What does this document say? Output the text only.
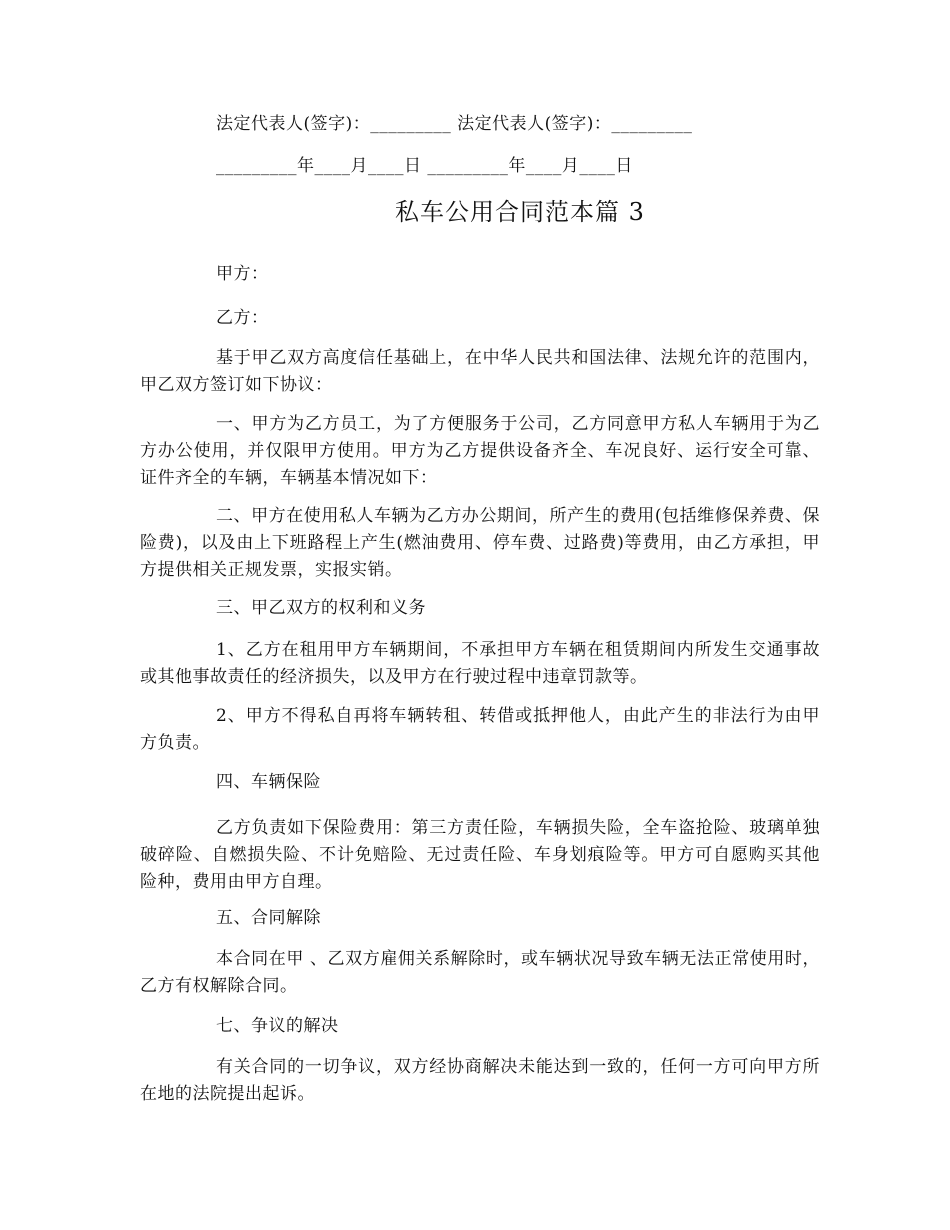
法定代表人(签字)：_________ 法定代表人(签字)：_________
_________年____月____日 _________年____月____日
私车公用合同范本篇 3
甲方：
乙方：
基于甲乙双方高度信任基础上，在中华人民共和国法律、法规允许的范围内，甲乙双方签订如下协议：
一、甲方为乙方员工，为了方便服务于公司，乙方同意甲方私人车辆用于为乙方办公使用，并仅限甲方使用。甲方为乙方提供设备齐全、车况良好、运行安全可靠、证件齐全的车辆，车辆基本情况如下：
二、甲方在使用私人车辆为乙方办公期间，所产生的费用(包括维修保养费、保险费)，以及由上下班路程上产生(燃油费用、停车费、过路费)等费用，由乙方承担，甲方提供相关正规发票，实报实销。
三、甲乙双方的权利和义务
1、乙方在租用甲方车辆期间，不承担甲方车辆在租赁期间内所发生交通事故或其他事故责任的经济损失，以及甲方在行驶过程中违章罚款等。
2、甲方不得私自再将车辆转租、转借或抵押他人，由此产生的非法行为由甲方负责。
四、车辆保险
乙方负责如下保险费用：第三方责任险，车辆损失险，全车盗抢险、玻璃单独破碎险、自燃损失险、不计免赔险、无过责任险、车身划痕险等。甲方可自愿购买其他险种，费用由甲方自理。
五、合同解除
本合同在甲 、乙双方雇佣关系解除时，或车辆状况导致车辆无法正常使用时，乙方有权解除合同。
七、争议的解决
有关合同的一切争议，双方经协商解决未能达到一致的，任何一方可向甲方所在地的法院提出起诉。
